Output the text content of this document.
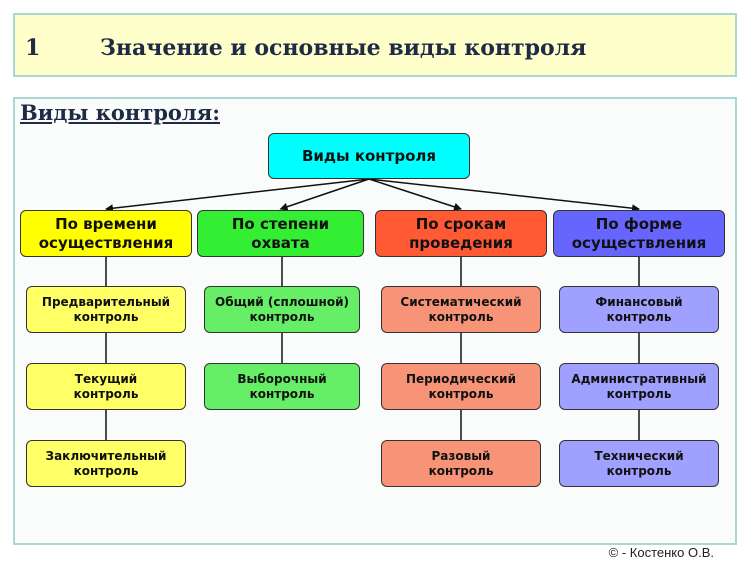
1	Значение и основные виды контроля
Виды контроля:
Виды контроля
По времени
осуществления
Предварительный
контроль
Текущий
контроль
Заключительный
контроль
По степени
охвата
Общий (сплошной)
контроль
Выборочный
контроль
По срокам
проведения
Систематический
контроль
Периодический
контроль
Разовый
контроль
По форме
осуществления
Финансовый
контроль
Административный
контроль
Технический
контроль
© - Костенко О.В.
